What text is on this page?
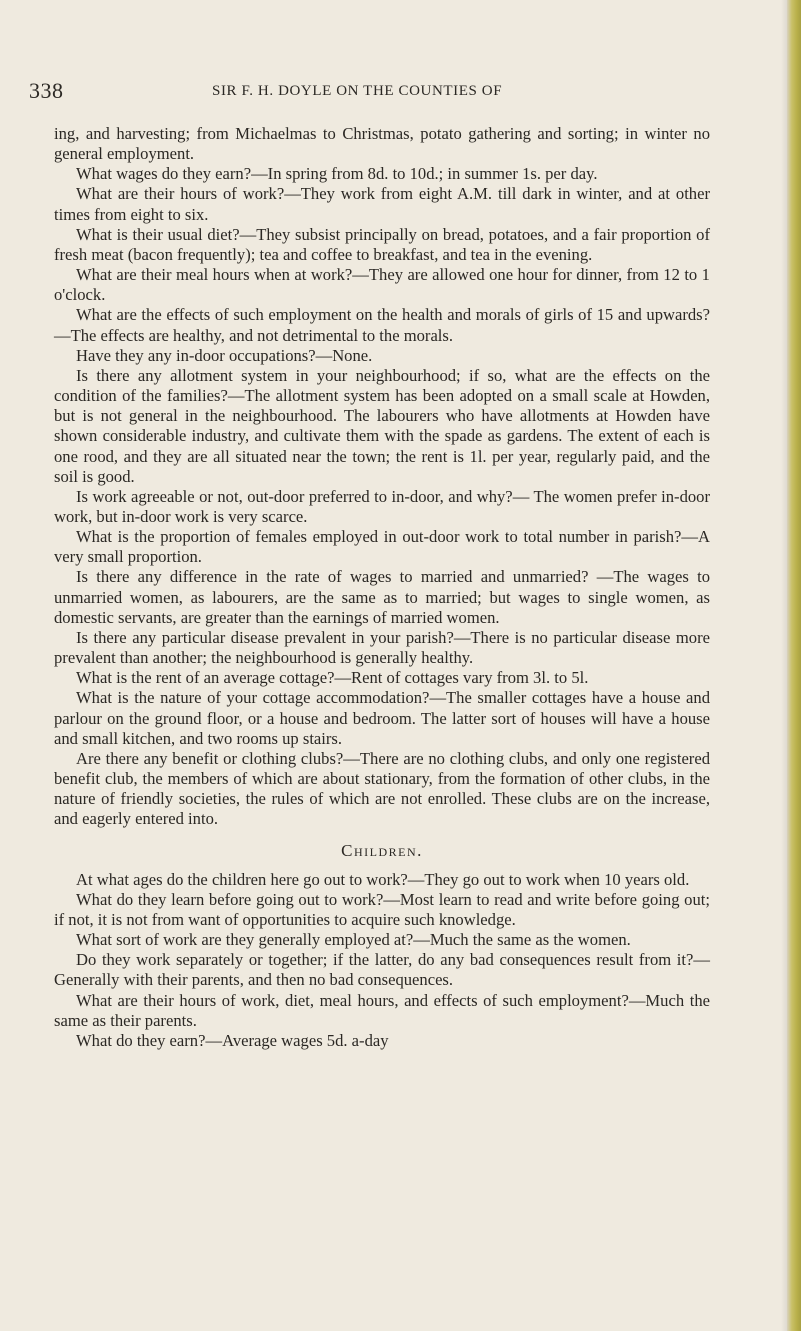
338	SIR F. H. DOYLE ON THE COUNTIES OF

ing, and harvesting; from Michaelmas to Christmas, potato gathering and sorting; in winter no general employment.

What wages do they earn?—In spring from 8d. to 10d.; in summer 1s. per day.

What are their hours of work?—They work from eight A.M. till dark in winter, and at other times from eight to six.

What is their usual diet?—They subsist principally on bread, potatoes, and a fair proportion of fresh meat (bacon frequently); tea and coffee to breakfast, and tea in the evening.

What are their meal hours when at work?—They are allowed one hour for dinner, from 12 to 1 o'clock.

What are the effects of such employment on the health and morals of girls of 15 and upwards?—The effects are healthy, and not detrimental to the morals.

Have they any in-door occupations?—None.

Is there any allotment system in your neighbourhood; if so, what are the effects on the condition of the families?—The allotment system has been adopted on a small scale at Howden, but is not general in the neighbourhood. The labourers who have allotments at Howden have shown considerable industry, and cultivate them with the spade as gardens. The extent of each is one rood, and they are all situated near the town; the rent is 1l. per year, regularly paid, and the soil is good.

Is work agreeable or not, out-door preferred to in-door, and why?— The women prefer in-door work, but in-door work is very scarce.

What is the proportion of females employed in out-door work to total number in parish?—A very small proportion.

Is there any difference in the rate of wages to married and unmarried? —The wages to unmarried women, as labourers, are the same as to married; but wages to single women, as domestic servants, are greater than the earnings of married women.

Is there any particular disease prevalent in your parish?—There is no particular disease more prevalent than another; the neighbourhood is generally healthy.

What is the rent of an average cottage?—Rent of cottages vary from 3l. to 5l.

What is the nature of your cottage accommodation?—The smaller cottages have a house and parlour on the ground floor, or a house and bedroom. The latter sort of houses will have a house and small kitchen, and two rooms up stairs.

Are there any benefit or clothing clubs?—There are no clothing clubs, and only one registered benefit club, the members of which are about stationary, from the formation of other clubs, in the nature of friendly societies, the rules of which are not enrolled. These clubs are on the increase, and eagerly entered into.

Children.

At what ages do the children here go out to work?—They go out to work when 10 years old.

What do they learn before going out to work?—Most learn to read and write before going out; if not, it is not from want of opportunities to acquire such knowledge.

What sort of work are they generally employed at?—Much the same as the women.

Do they work separately or together; if the latter, do any bad consequences result from it?—Generally with their parents, and then no bad consequences.

What are their hours of work, diet, meal hours, and effects of such employment?—Much the same as their parents.

What do they earn?—Average wages 5d. a-day
